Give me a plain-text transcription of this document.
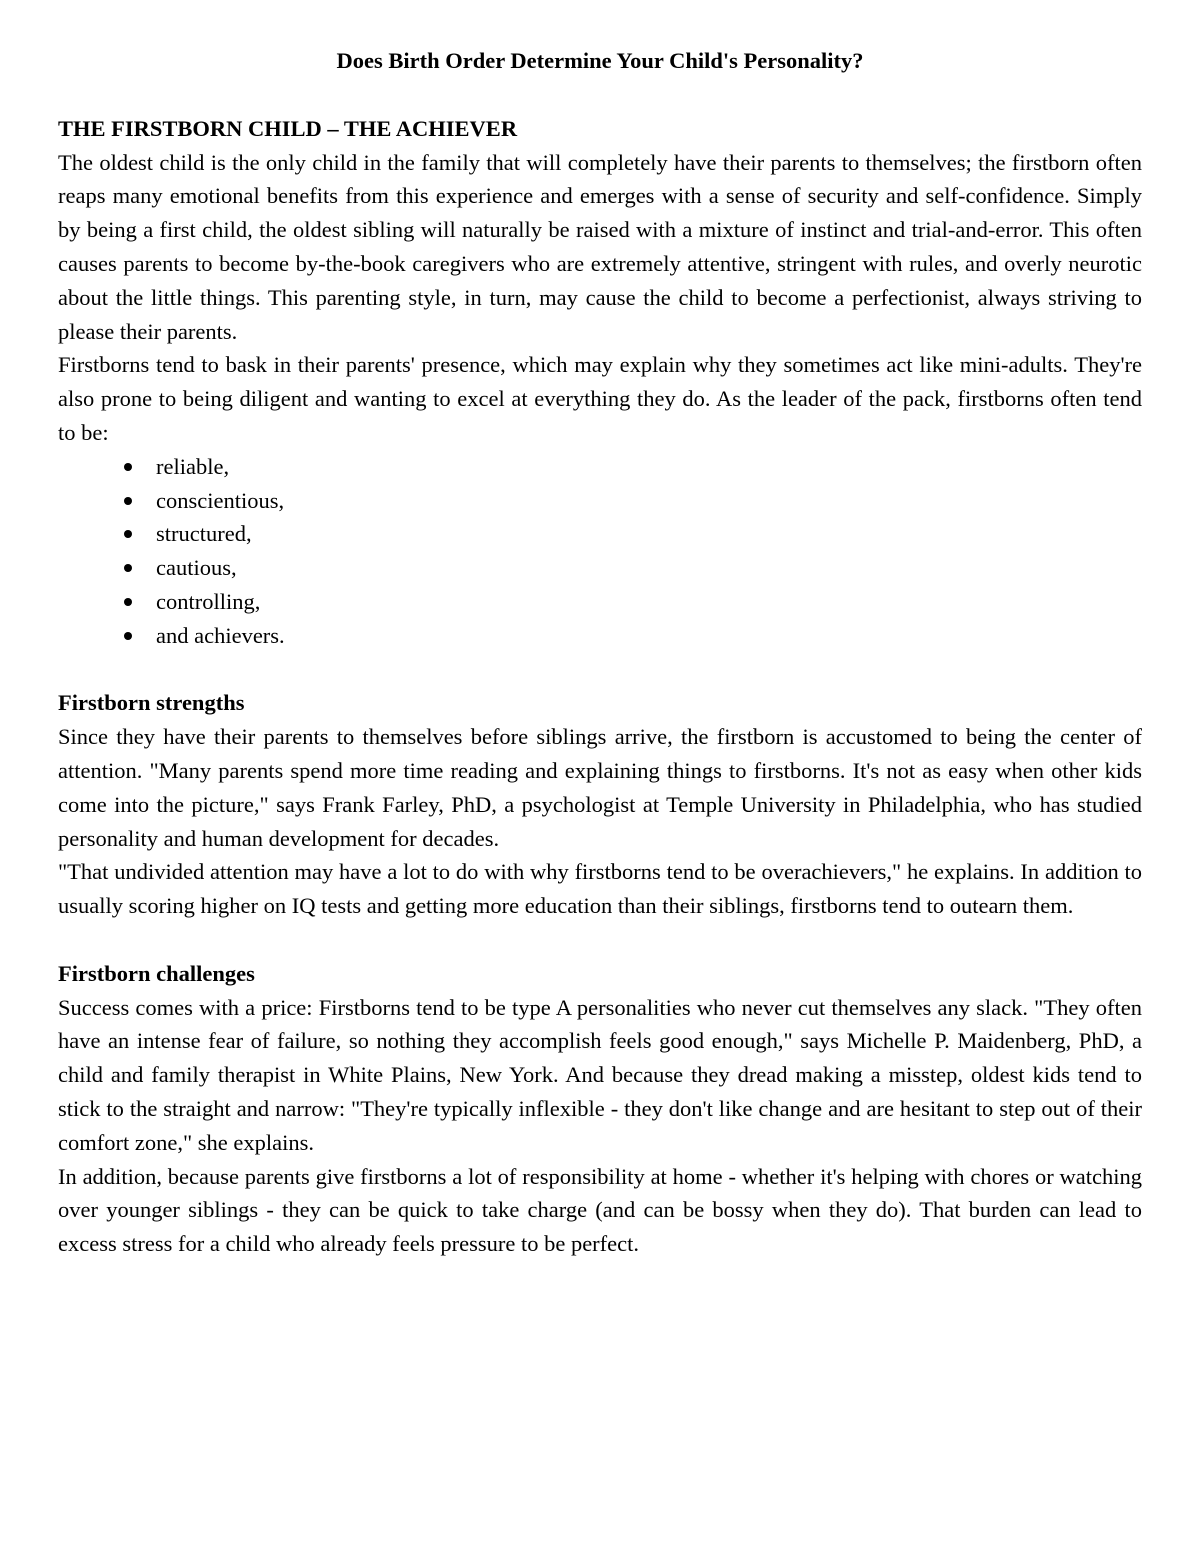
Does Birth Order Determine Your Child's Personality?
THE FIRSTBORN CHILD – THE ACHIEVER

The oldest child is the only child in the family that will completely have their parents to themselves; the firstborn often reaps many emotional benefits from this experience and emerges with a sense of security and self-confidence. Simply by being a first child, the oldest sibling will naturally be raised with a mixture of instinct and trial-and-error. This often causes parents to become by-the-book caregivers who are extremely attentive, stringent with rules, and overly neurotic about the little things. This parenting style, in turn, may cause the child to become a perfectionist, always striving to please their parents.

Firstborns tend to bask in their parents' presence, which may explain why they sometimes act like mini-adults. They're also prone to being diligent and wanting to excel at everything they do. As the leader of the pack, firstborns often tend to be:

reliable,
conscientious,
structured,
cautious,
controlling,
and achievers.
Firstborn strengths

Since they have their parents to themselves before siblings arrive, the firstborn is accustomed to being the center of attention. "Many parents spend more time reading and explaining things to firstborns. It's not as easy when other kids come into the picture," says Frank Farley, PhD, a psychologist at Temple University in Philadelphia, who has studied personality and human development for decades.

"That undivided attention may have a lot to do with why firstborns tend to be overachievers," he explains. In addition to usually scoring higher on IQ tests and getting more education than their siblings, firstborns tend to outearn them.

Firstborn challenges

Success comes with a price: Firstborns tend to be type A personalities who never cut themselves any slack. "They often have an intense fear of failure, so nothing they accomplish feels good enough," says Michelle P. Maidenberg, PhD, a child and family therapist in White Plains, New York. And because they dread making a misstep, oldest kids tend to stick to the straight and narrow: "They're typically inflexible - they don't like change and are hesitant to step out of their comfort zone," she explains.

In addition, because parents give firstborns a lot of responsibility at home - whether it's helping with chores or watching over younger siblings - they can be quick to take charge (and can be bossy when they do). That burden can lead to excess stress for a child who already feels pressure to be perfect.
